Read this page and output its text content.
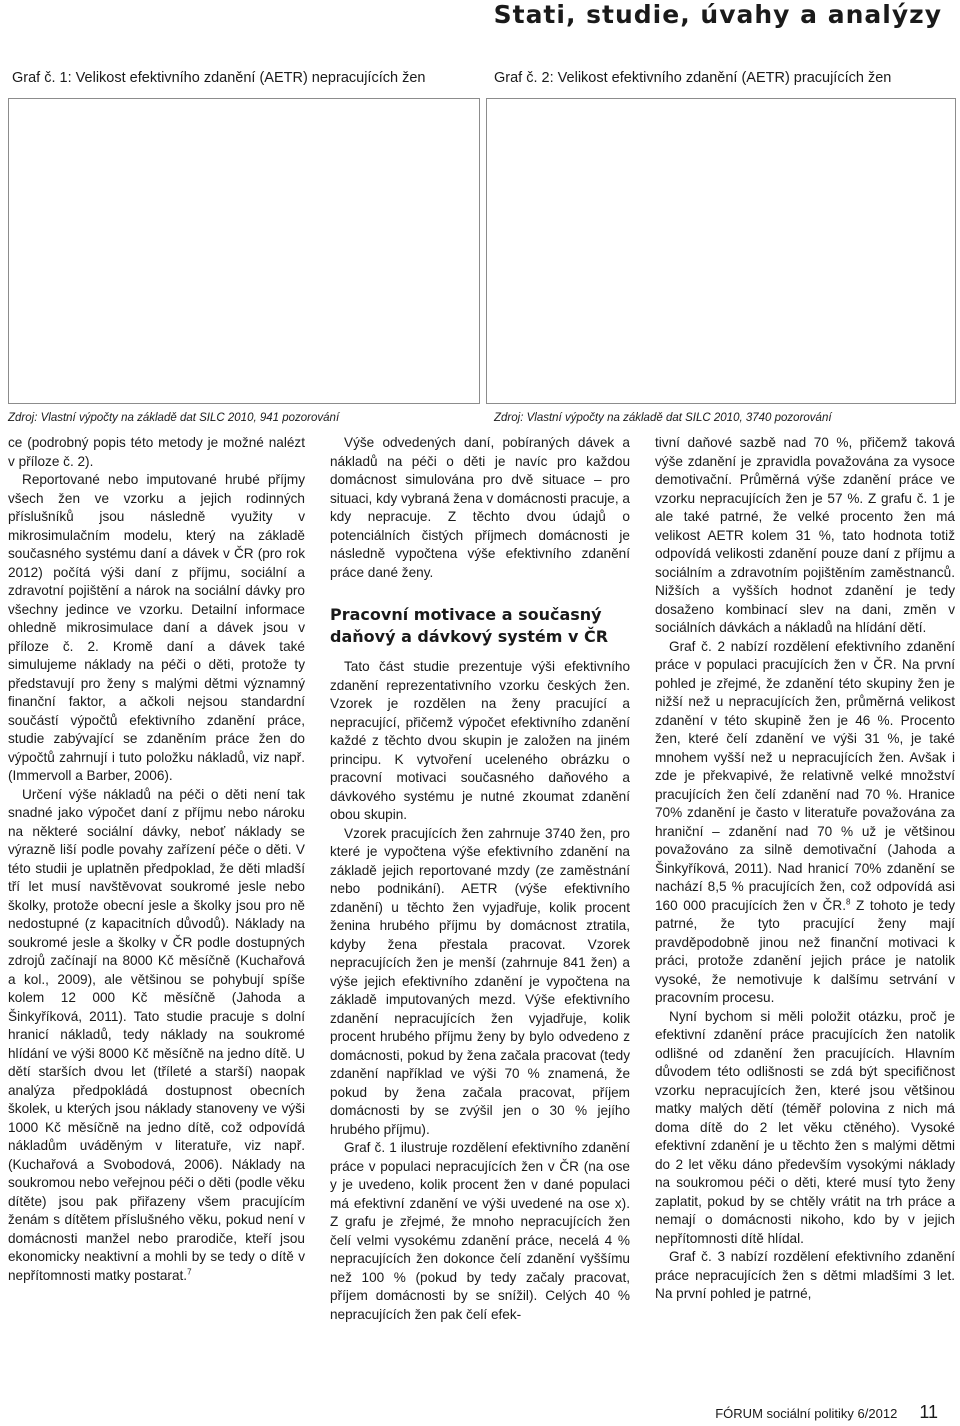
Stati, studie, úvahy a analýzy
Graf č. 1: Velikost efektivního zdanění (AETR) nepracujících žen	Graf č. 2: Velikost efektivního zdanění (AETR) pracujících žen
Zdroj: Vlastní výpočty na základě dat SILC 2010, 941 pozorování	Zdroj: Vlastní výpočty na základě dat SILC 2010, 3740 pozorování

ce (podrobný popis této metody je možné nalézt v příloze č. 2).

Reportované nebo imputované hrubé příjmy všech žen ve vzorku a jejich rodinných příslušníků jsou následně využity v mikrosimulačním modelu, který na základě současného systému daní a dávek v ČR (pro rok 2012) počítá výši daní z příjmu, sociální a zdravotní pojištění a nárok na sociální dávky pro všechny jedince ve vzorku. Detailní informace ohledně mikrosimulace daní a dávek jsou v příloze č. 2. Kromě daní a dávek také simulujeme náklady na péči o děti, protože ty představují pro ženy s malými dětmi významný finanční faktor, a ačkoli nejsou standardní součástí výpočtů efektivního zdanění práce, studie zabývající se zdaněním práce žen do výpočtů zahrnují i tuto položku nákladů, viz např. (Immervoll a Barber, 2006).

Určení výše nákladů na péči o děti není tak snadné jako výpočet daní z příjmu nebo nároku na některé sociální dávky, neboť náklady se výrazně liší podle povahy zařízení péče o děti. V této studii je uplatněn předpoklad, že děti mladší tří let musí navštěvovat soukromé jesle nebo školky, protože obecní jesle a školky jsou pro ně nedostupné (z kapacitních důvodů). Náklady na soukromé jesle a školky v ČR podle dostupných zdrojů začínají na 8000 Kč měsíčně (Kuchařová a kol., 2009), ale většinou se pohybují spíše kolem 12 000 Kč měsíčně (Jahoda a Šinkyříková, 2011). Tato studie pracuje s dolní hranicí nákladů, tedy náklady na soukromé hlídání ve výši 8000 Kč měsíčně na jedno dítě. U dětí starších dvou let (tříleté a starší) naopak analýza předpokládá dostupnost obecních školek, u kterých jsou náklady stanoveny ve výši 1000 Kč měsíčně na jedno dítě, což odpovídá nákladům uváděným v literatuře, viz např. (Kuchařová a Svobodová, 2006). Náklady na soukromou nebo veřejnou péči o děti (podle věku dítěte) jsou pak přiřazeny všem pracujícím ženám s dítětem příslušného věku, pokud není v domácnosti manžel nebo prarodiče, kteří jsou ekonomicky neaktivní a mohli by se tedy o dítě v nepřítomnosti matky postarat.$^7$

Výše odvedených daní, pobíraných dávek a nákladů na péči o děti je navíc pro každou domácnost simulována pro dvě situace – pro situaci, kdy vybraná žena v domácnosti pracuje, a kdy nepracuje. Z těchto dvou údajů o potenciálních čistých příjmech domácnosti je následně vypočtena výše efektivního zdanění práce dané ženy.

Pracovní motivace a současný daňový a dávkový systém v ČR

Tato část studie prezentuje výši efektivního zdanění reprezentativního vzorku českých žen. Vzorek je rozdělen na ženy pracující a nepracující, přičemž výpočet efektivního zdanění každé z těchto dvou skupin je založen na jiném principu. K vytvoření uceleného obrázku o pracovní motivaci současného daňového a dávkového systému je nutné zkoumat zdanění obou skupin.

Vzorek pracujících žen zahrnuje 3740 žen, pro které je vypočtena výše efektivního zdanění na základě jejich reportované mzdy (ze zaměstnání nebo podnikání). AETR (výše efektivního zdanění) u těchto žen vyjadřuje, kolik procent ženina hrubého příjmu by domácnost ztratila, kdyby žena přestala pracovat. Vzorek nepracujících žen je menší (zahrnuje 841 žen) a výše jejich efektivního zdanění je vypočtena na základě imputovaných mezd. Výše efektivního zdanění nepracujících žen vyjadřuje, kolik procent hrubého příjmu ženy by bylo odvedeno z domácnosti, pokud by žena začala pracovat (tedy zdanění například ve výši 70 % znamená, že pokud by žena začala pracovat, příjem domácnosti by se zvýšil jen o 30 % jejího hrubého příjmu).

Graf č. 1 ilustruje rozdělení efektivního zdanění práce v populaci nepracujících žen v ČR (na ose y je uvedeno, kolik procent žen v dané populaci má efektivní zdanění ve výši uvedené na ose x). Z grafu je zřejmé, že mnoho nepracujících žen čelí velmi vysokému zdanění práce, necelá 4 % nepracujících žen dokonce čelí zdanění vyššímu než 100 % (pokud by tedy začaly pracovat, příjem domácnosti by se snížil). Celých 40 % nepracujících žen pak čelí efek-

tivní daňové sazbě nad 70 %, přičemž taková výše zdanění je zpravidla považována za vysoce demotivační. Průměrná výše zdanění práce ve vzorku nepracujících žen je 57 %. Z grafu č. 1 je ale také patrné, že velké procento žen má velikost AETR kolem 31 %, tato hodnota totiž odpovídá velikosti zdanění pouze daní z příjmu a sociálním a zdravotním pojištěním zaměstnanců. Nižších a vyšších hodnot zdanění je tedy dosaženo kombinací slev na dani, změn v sociálních dávkách a nákladů na hlídání dětí.

Graf č. 2 nabízí rozdělení efektivního zdanění práce v populaci pracujících žen v ČR. Na první pohled je zřejmé, že zdanění této skupiny žen je nižší než u nepracujících žen, průměrná velikost zdanění v této skupině žen je 46 %. Procento žen, které čelí zdanění ve výši 31 %, je také mnohem vyšší než u nepracujících žen. Avšak i zde je překvapivé, že relativně velké množství pracujících žen čelí zdanění nad 70 %. Hranice 70% zdanění je často v literatuře považována za hraniční – zdanění nad 70 % už je většinou považováno za silně demotivační (Jahoda a Šinkyříková, 2011). Nad hranicí 70% zdanění se nachází 8,5 % pracujících žen, což odpovídá asi 160 000 pracujících žen v ČR.$^8$ Z tohoto je tedy patrné, že tyto pracující ženy mají pravděpodobně jinou než finanční motivaci k práci, protože zdanění jejich práce je natolik vysoké, že nemotivuje k dalšímu setrvání v pracovním procesu.

Nyní bychom si měli položit otázku, proč je efektivní zdanění práce pracujících žen natolik odlišné od zdanění žen pracujících. Hlavním důvodem této odlišnosti se zdá být specifičnost vzorku nepracujících žen, které jsou většinou matky malých dětí (téměř polovina z nich má doma dítě do 2 let věku ctěného). Vysoké efektivní zdanění je u těchto žen s malými dětmi do 2 let věku dáno především vysokými náklady na soukromou péči o děti, které musí tyto ženy zaplatit, pokud by se chtěly vrátit na trh práce a nemají o domácnosti nikoho, kdo by v jejich nepřítomnosti dítě hlídal.

Graf č. 3 nabízí rozdělení efektivního zdanění práce nepracujících žen s dětmi mladšími 3 let. Na první pohled je patrné,

FÓRUM sociální politiky 6/2012 11
